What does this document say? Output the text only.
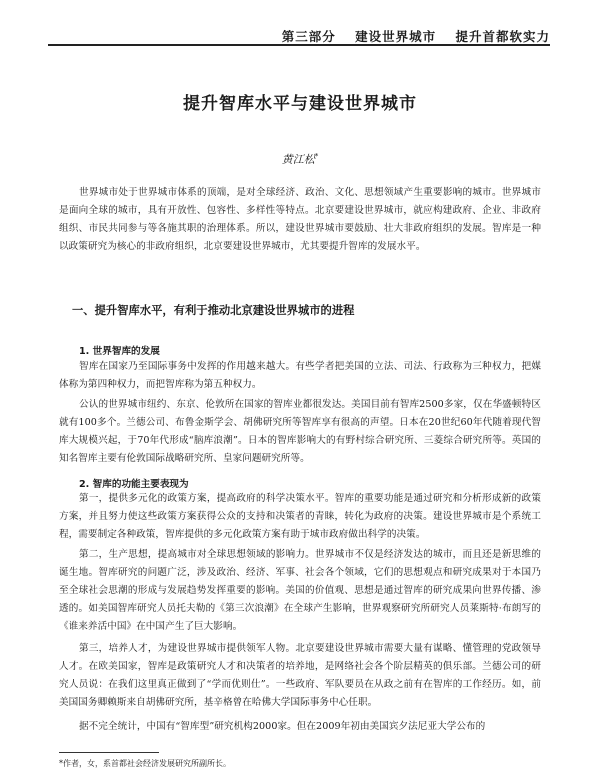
第三部分 建设世界城市 提升首都软实力
提升智库水平与建设世界城市
黄江松*
世界城市处于世界城市体系的顶端，是对全球经济、政治、文化、思想领域产生重要影响的城市。世界城市是面向全球的城市，具有开放性、包容性、多样性等特点。北京要建设世界城市，就应构建政府、企业、非政府组织、市民共同参与等各施其职的治理体系。所以，建设世界城市要鼓励、壮大非政府组织的发展。智库是一种以政策研究为核心的非政府组织，北京要建设世界城市，尤其要提升智库的发展水平。
一、提升智库水平，有利于推动北京建设世界城市的进程
1. 世界智库的发展
智库在国家乃至国际事务中发挥的作用越来越大。有些学者把美国的立法、司法、行政称为三种权力，把媒体称为第四种权力，而把智库称为第五种权力。
公认的世界城市纽约、东京、伦敦所在国家的智库业都很发达。美国目前有智库2500多家，仅在华盛顿特区就有100多个。兰德公司、布鲁金斯学会、胡佛研究所等智库享有很高的声望。日本在20世纪60年代随着现代智库大规模兴起，于70年代形成“脑库浪潮”。日本的智库影响大的有野村综合研究所、三菱综合研究所等。英国的知名智库主要有伦敦国际战略研究所、皇家问题研究所等。
2. 智库的功能主要表现为
第一，提供多元化的政策方案，提高政府的科学决策水平。智库的重要功能是通过研究和分析形成新的政策方案，并且努力使这些政策方案获得公众的支持和决策者的青睐，转化为政府的决策。建设世界城市是个系统工程，需要制定各种政策，智库提供的多元化政策方案有助于城市政府做出科学的决策。
第二，生产思想，提高城市对全球思想领域的影响力。世界城市不仅是经济发达的城市，而且还是新思维的诞生地。智库研究的问题广泛，涉及政治、经济、军事、社会各个领域，它们的思想观点和研究成果对于本国乃至全球社会思潮的形成与发展趋势发挥重要的影响。美国的价值观、思想是通过智库的研究成果向世界传播、渗透的。如美国智库研究人员托夫勒的《第三次浪潮》在全球产生影响，世界观察研究所研究人员莱斯特·布朗写的《谁来养活中国》在中国产生了巨大影响。
第三，培养人才，为建设世界城市提供领军人物。北京要建设世界城市需要大量有谋略、懂管理的党政领导人才。在欧美国家，智库是政策研究人才和决策者的培养地，是网络社会各个阶层精英的俱乐部。兰德公司的研究人员说：在我们这里真正做到了“学而优则仕”。一些政府、军队要员在从政之前有在智库的工作经历。如，前美国国务卿赖斯来自胡佛研究所，基辛格曾在哈佛大学国际事务中心任职。
据不完全统计，中国有“智库型”研究机构2000家。但在2009年初由美国宾夕法尼亚大学公布的
*作者，女，系首都社会经济发展研究所副所长。
